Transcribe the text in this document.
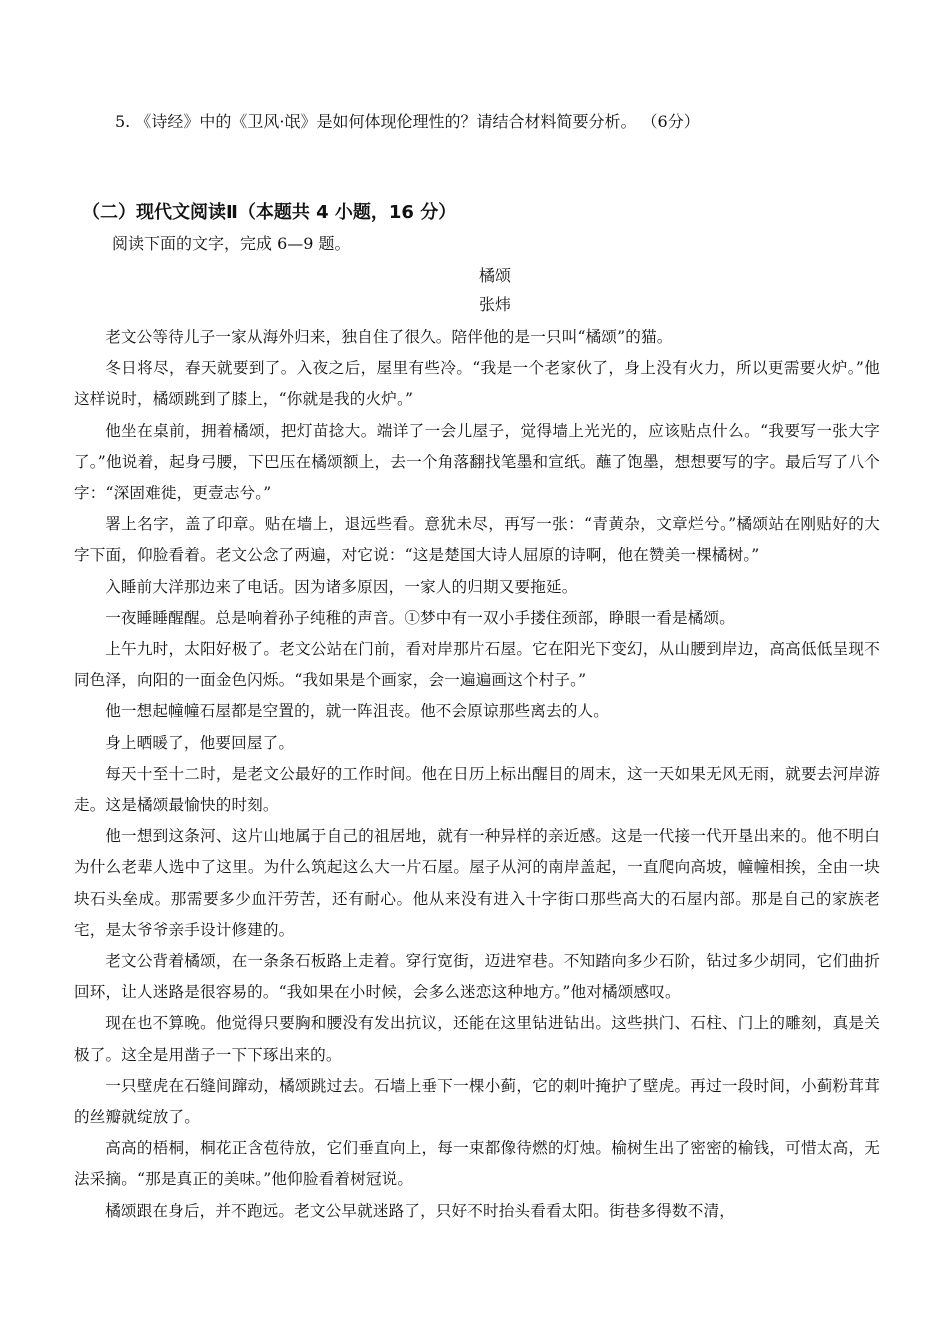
5. 《诗经》中的《卫风·氓》是如何体现伦理性的？请结合材料简要分析。 （6分）
（二）现代文阅读Ⅱ（本题共 4 小题，16 分）
阅读下面的文字，完成 6—9 题。
橘颂
张炜

老文公等待儿子一家从海外归来，独自住了很久。陪伴他的是一只叫“橘颂”的猫。

冬日将尽，春天就要到了。入夜之后，屋里有些冷。“我是一个老家伙了，身上没有火力，所以更需要火炉。”他这样说时，橘颂跳到了膝上，“你就是我的火炉。”

他坐在桌前，拥着橘颂，把灯苗捻大。端详了一会儿屋子，觉得墙上光光的，应该贴点什么。“我要写一张大字了。”他说着，起身弓腰，下巴压在橘颂额上，去一个角落翻找笔墨和宣纸。蘸了饱墨，想想要写的字。最后写了八个字：“深固难徙，更壹志兮。”

署上名字，盖了印章。贴在墙上，退远些看。意犹未尽，再写一张：“青黄杂，文章烂兮。”橘颂站在刚贴好的大字下面，仰脸看着。老文公念了两遍，对它说：“这是楚国大诗人屈原的诗啊，他在赞美一棵橘树。”

入睡前大洋那边来了电话。因为诸多原因，一家人的归期又要拖延。

一夜睡睡醒醒。总是响着孙子纯稚的声音。①梦中有一双小手搂住颈部，睁眼一看是橘颂。

上午九时，太阳好极了。老文公站在门前，看对岸那片石屋。它在阳光下变幻，从山腰到岸边，高高低低呈现不同色泽，向阳的一面金色闪烁。“我如果是个画家，会一遍遍画这个村子。”

他一想起幢幢石屋都是空置的，就一阵沮丧。他不会原谅那些离去的人。

身上晒暖了，他要回屋了。

每天十至十二时，是老文公最好的工作时间。他在日历上标出醒目的周末，这一天如果无风无雨，就要去河岸游走。这是橘颂最愉快的时刻。

他一想到这条河、这片山地属于自己的祖居地，就有一种异样的亲近感。这是一代接一代开垦出来的。他不明白为什么老辈人选中了这里。为什么筑起这么大一片石屋。屋子从河的南岸盖起，一直爬向高坡，幢幢相挨，全由一块块石头垒成。那需要多少血汗劳苦，还有耐心。他从来没有进入十字街口那些高大的石屋内部。那是自己的家族老宅，是太爷爷亲手设计修建的。

老文公背着橘颂，在一条条石板路上走着。穿行宽街，迈进窄巷。不知踏向多少石阶，钻过多少胡同，它们曲折回环，让人迷路是很容易的。“我如果在小时候，会多么迷恋这种地方。”他对橘颂感叹。

现在也不算晚。他觉得只要胸和腰没有发出抗议，还能在这里钻进钻出。这些拱门、石柱、门上的雕刻，真是关极了。这全是用凿子一下下琢出来的。

一只壁虎在石缝间蹿动，橘颂跳过去。石墙上垂下一棵小蓟，它的刺叶掩护了壁虎。再过一段时间，小蓟粉茸茸的丝瓣就绽放了。

高高的梧桐，桐花正含苞待放，它们垂直向上，每一束都像待燃的灯烛。榆树生出了密密的榆钱，可惜太高，无法采摘。“那是真正的美味。”他仰脸看着树冠说。

橘颂跟在身后，并不跑远。老文公早就迷路了，只好不时抬头看看太阳。街巷多得数不清，
